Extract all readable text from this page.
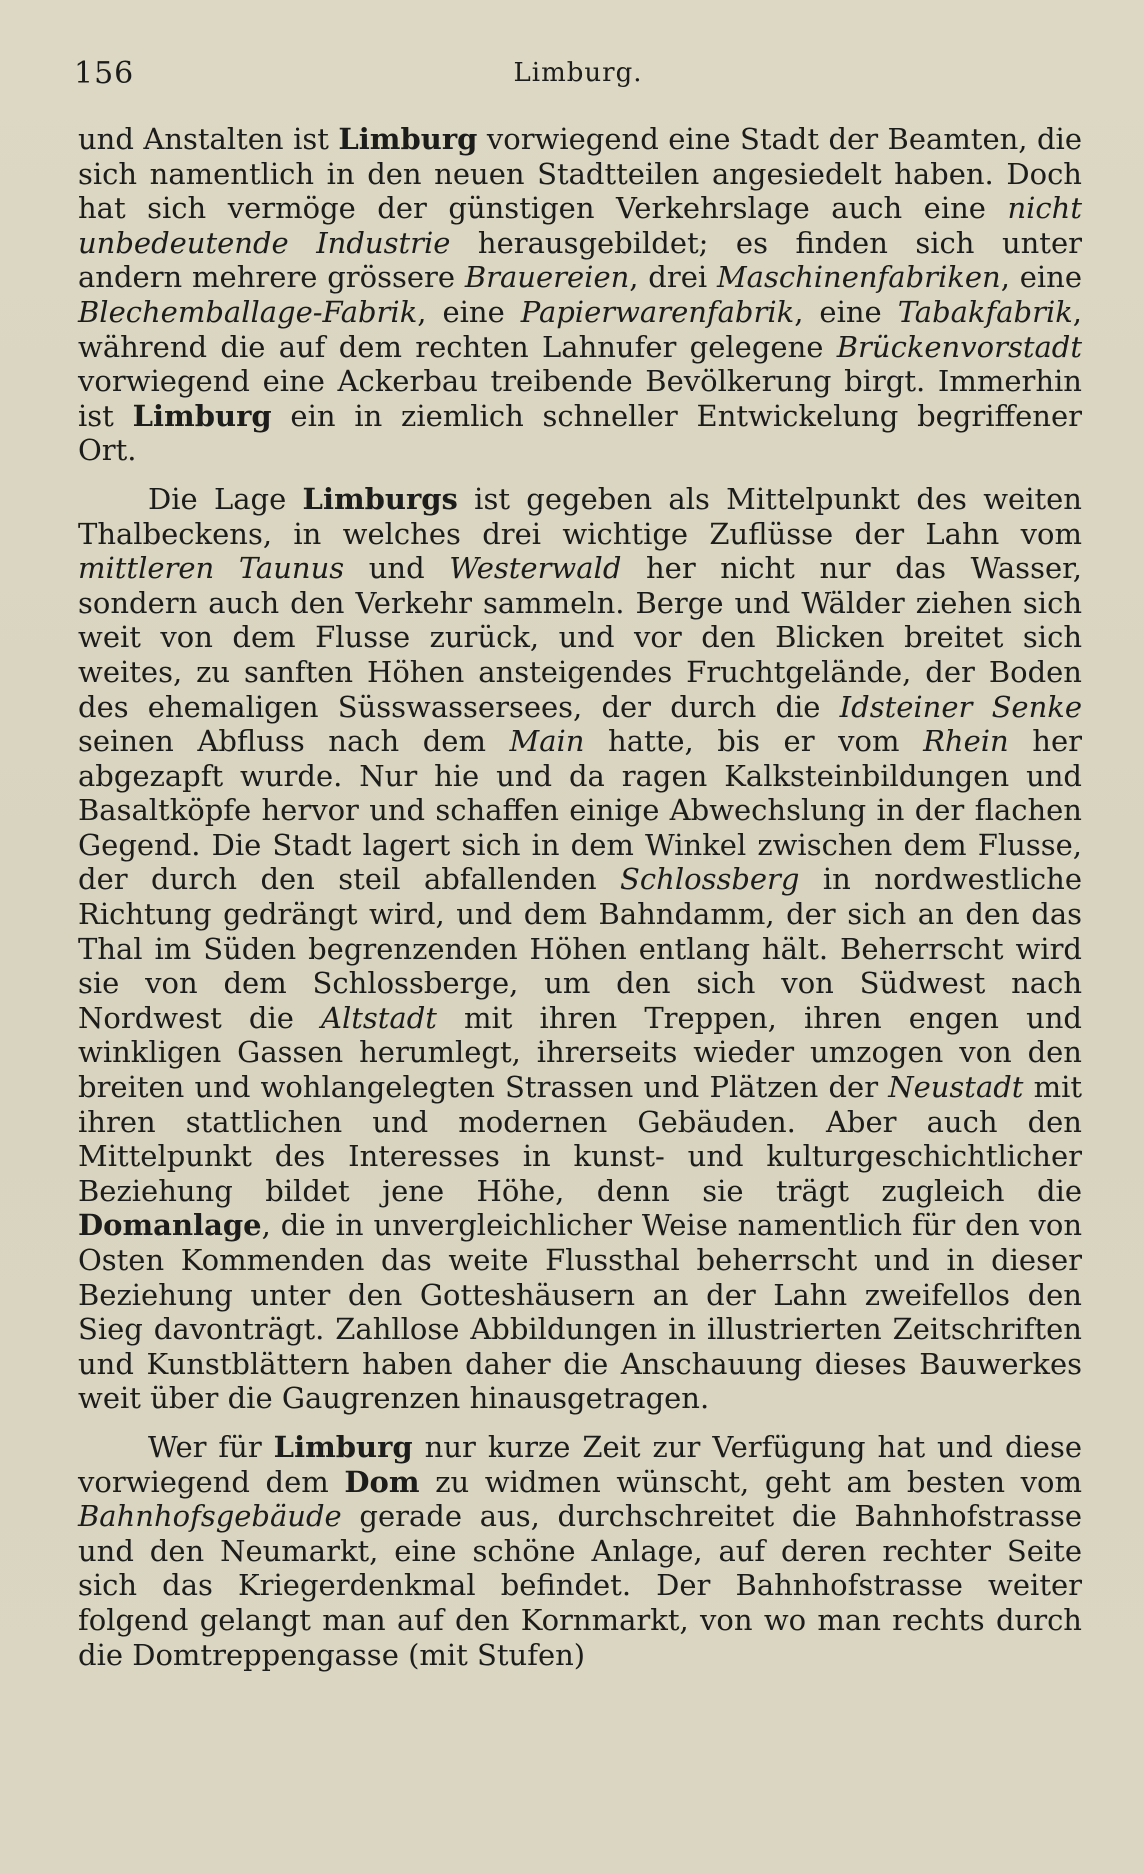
156	Limburg.

und Anstalten ist Limburg vorwiegend eine Stadt der Beamten, die sich namentlich in den neuen Stadtteilen angesiedelt haben. Doch hat sich vermöge der günstigen Verkehrslage auch eine nicht unbedeutende Industrie herausgebildet; es finden sich unter andern mehrere grössere Brauereien, drei Maschinenfabriken, eine Blechemballage-Fabrik, eine Papierwarenfabrik, eine Tabakfabrik, während die auf dem rechten Lahnufer gelegene Brückenvorstadt vorwiegend eine Ackerbau treibende Bevölkerung birgt. Immerhin ist Limburg ein in ziemlich schneller Entwickelung begriffener Ort.

Die Lage Limburgs ist gegeben als Mittelpunkt des weiten Thalbeckens, in welches drei wichtige Zuflüsse der Lahn vom mittleren Taunus und Westerwald her nicht nur das Wasser, sondern auch den Verkehr sammeln. Berge und Wälder ziehen sich weit von dem Flusse zurück, und vor den Blicken breitet sich weites, zu sanften Höhen ansteigendes Fruchtgelände, der Boden des ehemaligen Süsswassersees, der durch die Idsteiner Senke seinen Abfluss nach dem Main hatte, bis er vom Rhein her abgezapft wurde. Nur hie und da ragen Kalksteinbildungen und Basaltköpfe hervor und schaffen einige Abwechslung in der flachen Gegend. Die Stadt lagert sich in dem Winkel zwischen dem Flusse, der durch den steil abfallenden Schlossberg in nordwestliche Richtung gedrängt wird, und dem Bahndamm, der sich an den das Thal im Süden begrenzenden Höhen entlang hält. Beherrscht wird sie von dem Schlossberge, um den sich von Südwest nach Nordwest die Altstadt mit ihren Treppen, ihren engen und winkligen Gassen herumlegt, ihrerseits wieder umzogen von den breiten und wohlangelegten Strassen und Plätzen der Neustadt mit ihren stattlichen und modernen Gebäuden. Aber auch den Mittelpunkt des Interesses in kunst- und kulturgeschichtlicher Beziehung bildet jene Höhe, denn sie trägt zugleich die Domanlage, die in unvergleichlicher Weise namentlich für den von Osten Kommenden das weite Flussthal beherrscht und in dieser Beziehung unter den Gotteshäusern an der Lahn zweifellos den Sieg davonträgt. Zahllose Abbildungen in illustrierten Zeitschriften und Kunstblättern haben daher die Anschauung dieses Bauwerkes weit über die Gaugrenzen hinausgetragen.

Wer für Limburg nur kurze Zeit zur Verfügung hat und diese vorwiegend dem Dom zu widmen wünscht, geht am besten vom Bahnhofsgebäude gerade aus, durchschreitet die Bahnhofstrasse und den Neumarkt, eine schöne Anlage, auf deren rechter Seite sich das Kriegerdenkmal befindet. Der Bahnhofstrasse weiter folgend gelangt man auf den Kornmarkt, von wo man rechts durch die Domtreppengasse (mit Stufen)
